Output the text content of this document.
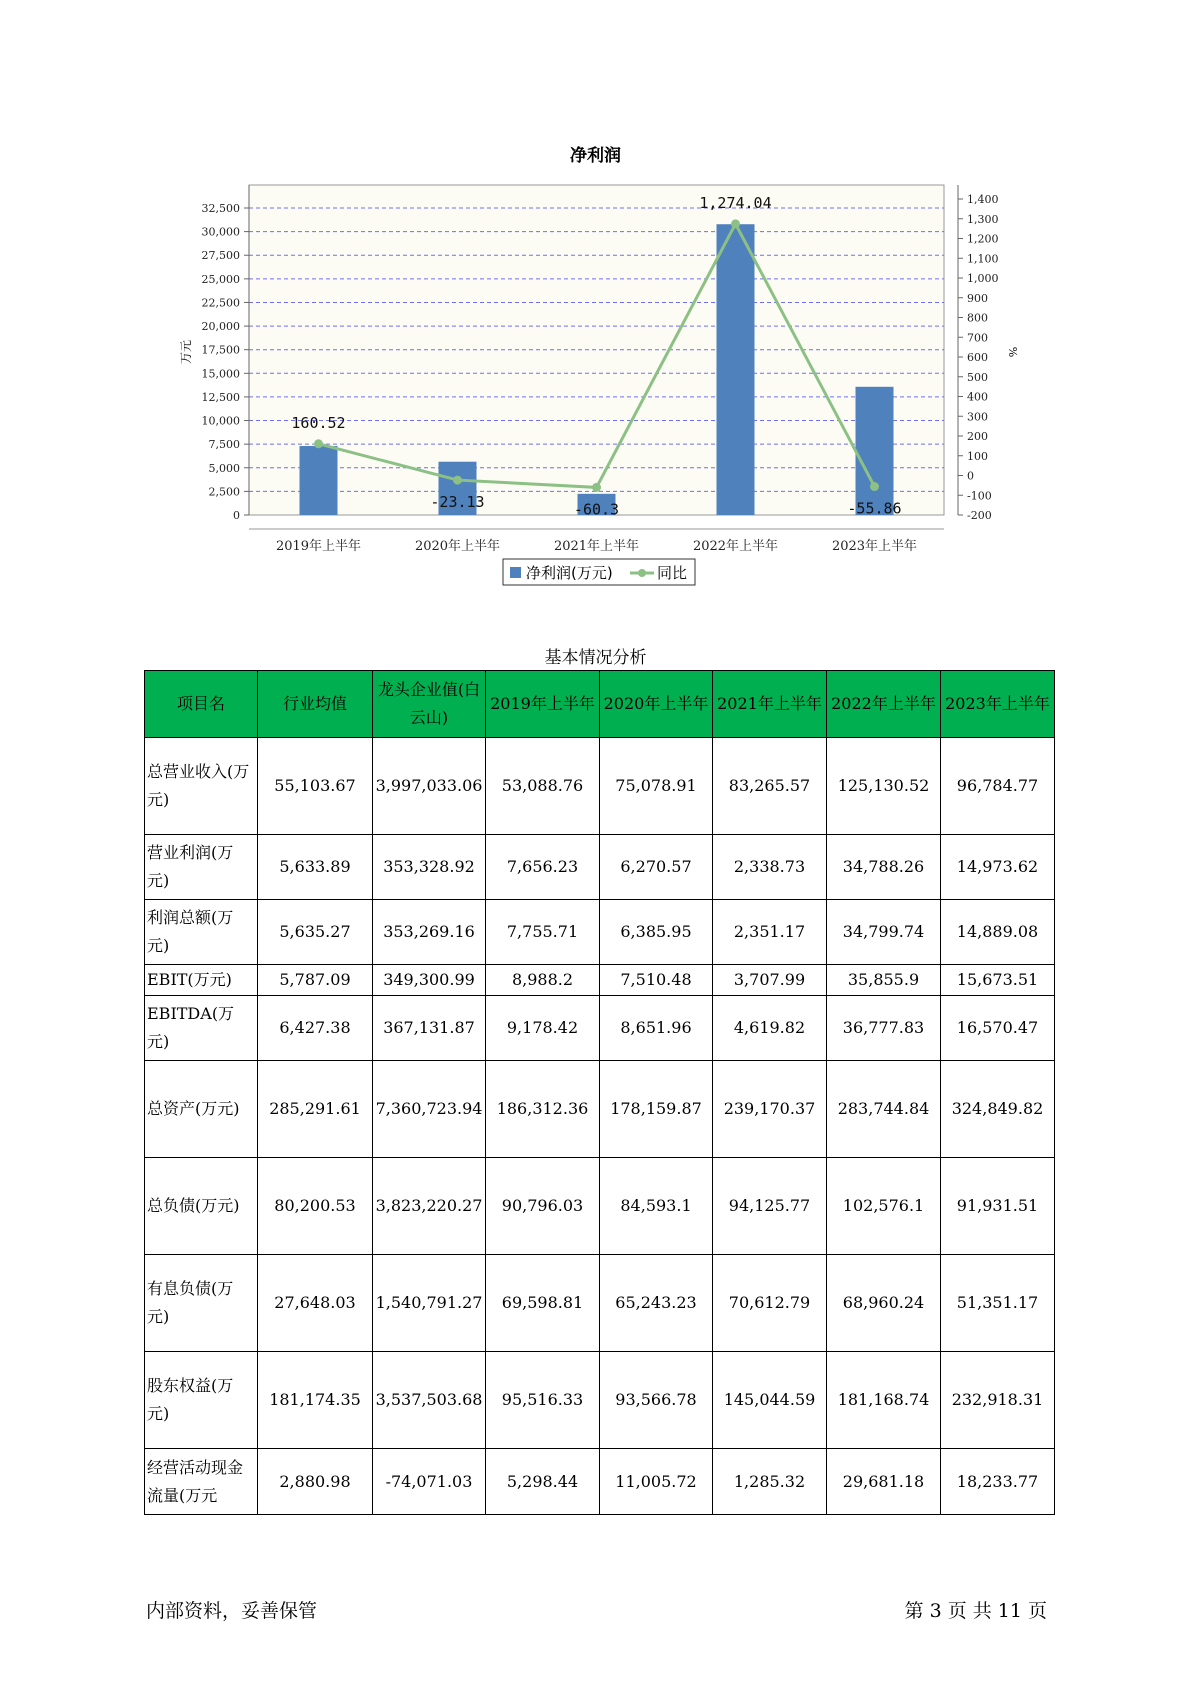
净利润
0
2,500
5,000
7,500
10,000
12,500
15,000
17,500
20,000
22,500
25,000
27,500
30,000
32,500
-200
-100
0
100
200
300
400
500
600
700
800
900
1,000
1,100
1,200
1,300
1,400
160.52
-23.13	-60.3
1,274.04
-55.86
2019年上半年	2020年上半年	2021年上半年	2022年上半年	2023年上半年
万元	%
净利润(万元)	同比
基本情况分析
项目名	行业均值	龙头企业值(白云山)	2019年上半年	2020年上半年	2021年上半年	2022年上半年	2023年上半年
总营业收入(万元)	55,103.67	3,997,033.06	53,088.76	75,078.91	83,265.57	125,130.52	96,784.77
营业利润(万元)	5,633.89	353,328.92	7,656.23	6,270.57	2,338.73	34,788.26	14,973.62
利润总额(万元)	5,635.27	353,269.16	7,755.71	6,385.95	2,351.17	34,799.74	14,889.08
EBIT(万元)	5,787.09	349,300.99	8,988.2	7,510.48	3,707.99	35,855.9	15,673.51
EBITDA(万元)	6,427.38	367,131.87	9,178.42	8,651.96	4,619.82	36,777.83	16,570.47
总资产(万元)	285,291.61	7,360,723.94	186,312.36	178,159.87	239,170.37	283,744.84	324,849.82
总负债(万元)	80,200.53	3,823,220.27	90,796.03	84,593.1	94,125.77	102,576.1	91,931.51
有息负债(万元)	27,648.03	1,540,791.27	69,598.81	65,243.23	70,612.79	68,960.24	51,351.17
股东权益(万元)	181,174.35	3,537,503.68	95,516.33	93,566.78	145,044.59	181,168.74	232,918.31
经营活动现金流量(万元	2,880.98	-74,071.03	5,298.44	11,005.72	1,285.32	29,681.18	18,233.77
内部资料，妥善保管	第 3 页 共 11 页
